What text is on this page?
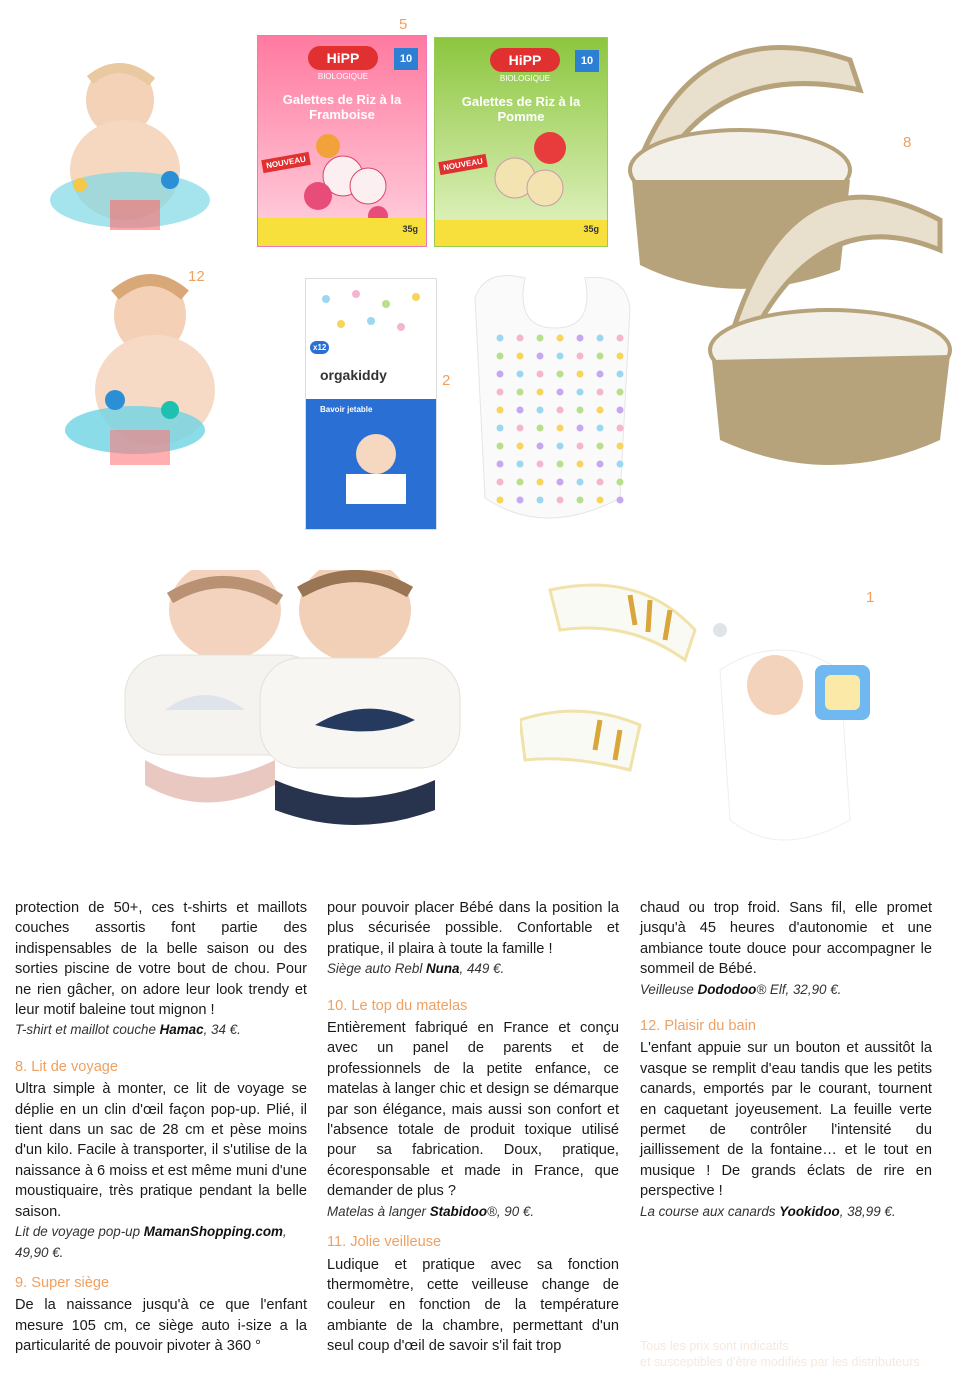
5
HiPP
BIOLOGIQUE
10
Galettes de Riz à la Framboise
NOUVEAU
35g
HiPP
BIOLOGIQUE
10
Galettes de Riz à la Pomme
NOUVEAU
35g
8
12
2
x12
orgakiddy
Bavoir jetable
1

protection de 50+, ces t-shirts et maillots couches assortis font partie des indispensables de la belle saison ou des sorties piscine de votre bout de chou. Pour ne rien gâcher, on adore leur look trendy et leur motif baleine tout mignon !

T-shirt et maillot couche Hamac, 34 €.

8. Lit de voyage

Ultra simple à monter, ce lit de voyage se déplie en un clin d'œil façon pop-up. Plié, il tient dans un sac de 28 cm et pèse moins d'un kilo. Facile à transporter, il s'utilise de la naissance à 6 moiss et est même muni d'une moustiquaire, très pratique pendant la belle saison.

Lit de voyage pop-up MamanShopping.com, 49,90 €.

9. Super siège

De la naissance jusqu'à ce que l'enfant mesure 105 cm, ce siège auto i-size a la particularité de pouvoir pivoter à 360 °

pour pouvoir placer Bébé dans la position la plus sécurisée possible. Confortable et pratique, il plaira à toute la famille !

Siège auto Rebl Nuna, 449 €.

10. Le top du matelas

Entièrement fabriqué en France et conçu avec un panel de parents et de professionnels de la petite enfance, ce matelas à langer chic et design se démarque par son élégance, mais aussi son confort et l'absence totale de produit toxique utilisé pour sa fabrication. Doux, pratique, écoresponsable et made in France, que demander de plus ?

Matelas à langer Stabidoo®, 90 €.

11. Jolie veilleuse

Ludique et pratique avec sa fonction thermomètre, cette veilleuse change de couleur en fonction de la température ambiante de la chambre, permettant d'un seul coup d'œil de savoir s'il fait trop

chaud ou trop froid. Sans fil, elle promet jusqu'à 45 heures d'autonomie et une ambiance toute douce pour accompagner le sommeil de Bébé.

Veilleuse Dododoo® Elf, 32,90 €.

12. Plaisir du bain

L'enfant appuie sur un bouton et aussitôt la vasque se remplit d'eau tandis que les petits canards, emportés par le courant, tournent en caquetant joyeusement. La feuille verte permet de contrôler l'intensité du jaillissement de la fontaine… et le tout en musique ! De grands éclats de rire en perspective !

La course aux canards Yookidoo, 38,99 €.

Tous les prix sont indicatifs
et susceptibles d'être modifiés par les distributeurs
